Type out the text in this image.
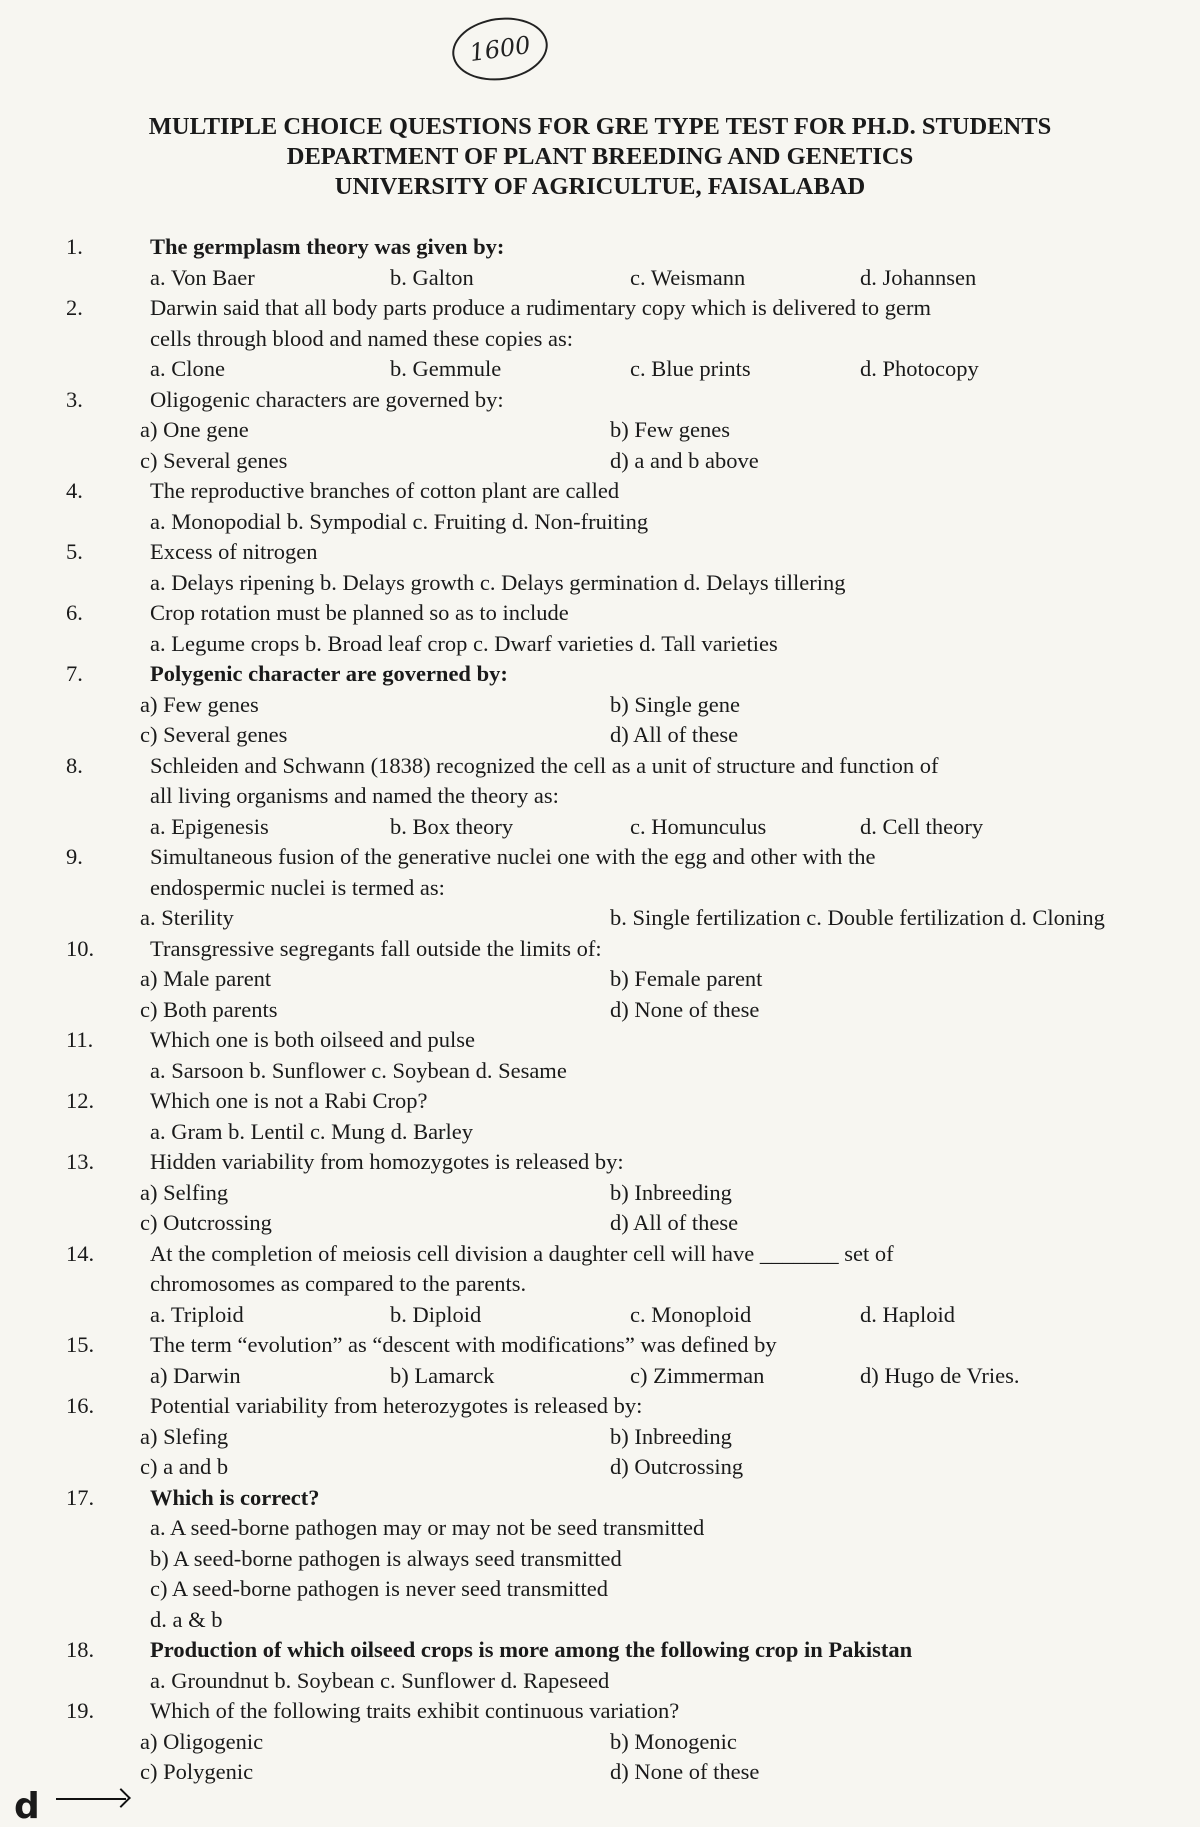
1600
MULTIPLE CHOICE QUESTIONS FOR GRE TYPE TEST FOR PH.D. STUDENTS
DEPARTMENT OF PLANT BREEDING AND GENETICS
UNIVERSITY OF AGRICULTUE, FAISALABAD
1.	The germplasm theory was given by:
a. Von Baer	b. Galton	c. Weismann	d. Johannsen
2.	Darwin said that all body parts produce a rudimentary copy which is delivered to germ
cells through blood and named these copies as:
a. Clone	b. Gemmule	c. Blue prints	d. Photocopy
3.	Oligogenic characters are governed by:
a) One gene	b) Few genes
c) Several genes	d) a and b above
4.	The reproductive branches of cotton plant are called
a. Monopodial b. Sympodial c. Fruiting d. Non-fruiting
5.	Excess of nitrogen
a. Delays ripening b. Delays growth c. Delays germination d. Delays tillering
6.	Crop rotation must be planned so as to include
a. Legume crops b. Broad leaf crop c. Dwarf varieties d. Tall varieties
7.	Polygenic character are governed by:
a) Few genes	b) Single gene
c) Several genes	d) All of these
8.	Schleiden and Schwann (1838) recognized the cell as a unit of structure and function of
all living organisms and named the theory as:
a. Epigenesis	b. Box theory	c. Homunculus	d. Cell theory
9.	Simultaneous fusion of the generative nuclei one with the egg and other with the
endospermic nuclei is termed as:
a. Sterility	b. Single fertilization c. Double fertilization d. Cloning
10.	Transgressive segregants fall outside the limits of:
a) Male parent	b) Female parent
c) Both parents	d) None of these
11.	Which one is both oilseed and pulse
a. Sarsoon b. Sunflower c. Soybean d. Sesame
12.	Which one is not a Rabi Crop?
a. Gram b. Lentil c. Mung d. Barley
13.	Hidden variability from homozygotes is released by:
a) Selfing	b) Inbreeding
c) Outcrossing	d) All of these
14.	At the completion of meiosis cell division a daughter cell will have _______ set of
chromosomes as compared to the parents.
a. Triploid	b. Diploid	c. Monoploid	d. Haploid
15.	The term “evolution” as “descent with modifications” was defined by
a) Darwin	b) Lamarck	c) Zimmerman	d) Hugo de Vries.
16.	Potential variability from heterozygotes is released by:
a) Slefing	b) Inbreeding
c) a and b	d) Outcrossing
17.	Which is correct?
a. A seed-borne pathogen may or may not be seed transmitted
b) A seed-borne pathogen is always seed transmitted
c) A seed-borne pathogen is never seed transmitted
d. a & b
18.	Production of which oilseed crops is more among the following crop in Pakistan
a. Groundnut b. Soybean c. Sunflower d. Rapeseed
19.	Which of the following traits exhibit continuous variation?
a) Oligogenic	b) Monogenic
c) Polygenic	d) None of these
d
